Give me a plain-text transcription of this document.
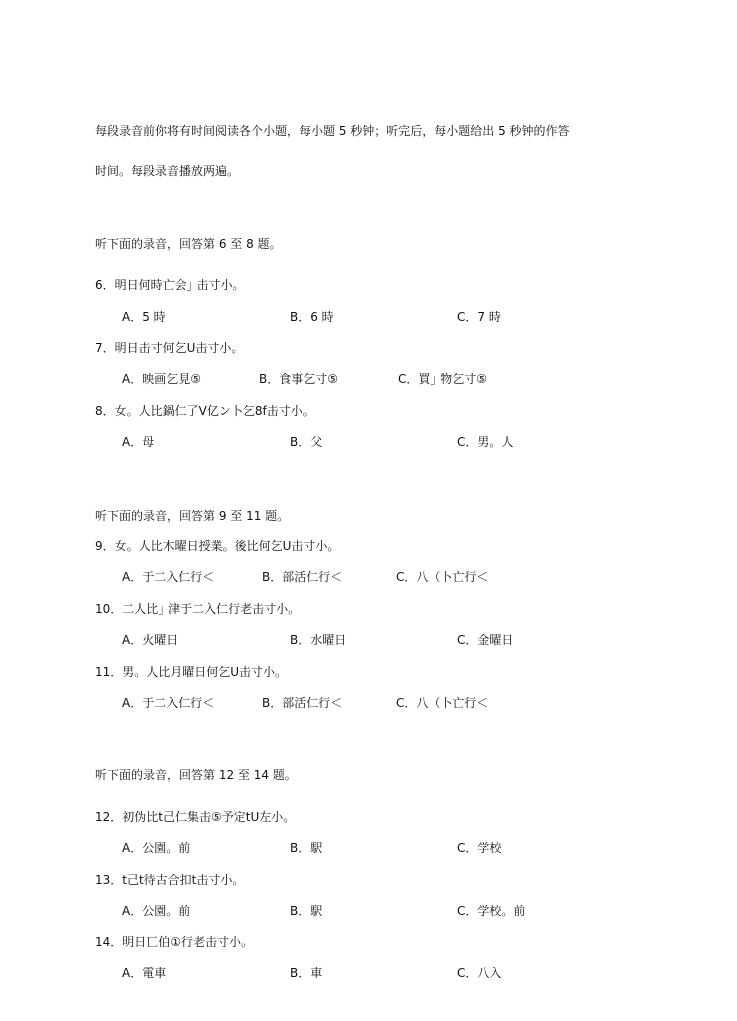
每段录音前你将有时间阅读各个小题，每小题 5 秒钟；听完后，每小题给出 5 秒钟的作答
时间。每段录音播放两遍。
听下面的录音，回答第 6 至 8 题。
6．明日何時亡会｣ 击寸小。
A．5 時	B．6 時	C．7 時
7．明日击寸何乞U击寸小。
A．映画乞見⑤	B．食事乞寸⑤	C．買｣ 物乞寸⑤
8．女。人比鍋仁了V亿ン卜乞8f击寸小。
A．母	B．父	C．男。人
听下面的录音，回答第 9 至 11 题。
9．女。人比木曜日授業。後比何乞U击寸小。
A．于二入仁行＜	B．部活仁行＜	C．八（卜亡行＜
10．二人比｣ 津于二入仁行老击寸小。
A．火曜日	B．水曜日	C．金曜日
11．男。人比月曜日何乞U击寸小。
A．于二入仁行＜	B．部活仁行＜	C．八（卜亡行＜
听下面的录音，回答第 12 至 14 题。
12．初伪比t己仁集击⑤予定tU左小。
A．公園。前	B．駅	C．学校
13．t己t待古合扣t击寸小。
A．公園。前	B．駅	C．学校。前
14．明日匸伯①行老击寸小。
A．電車	B．車	C．八入
